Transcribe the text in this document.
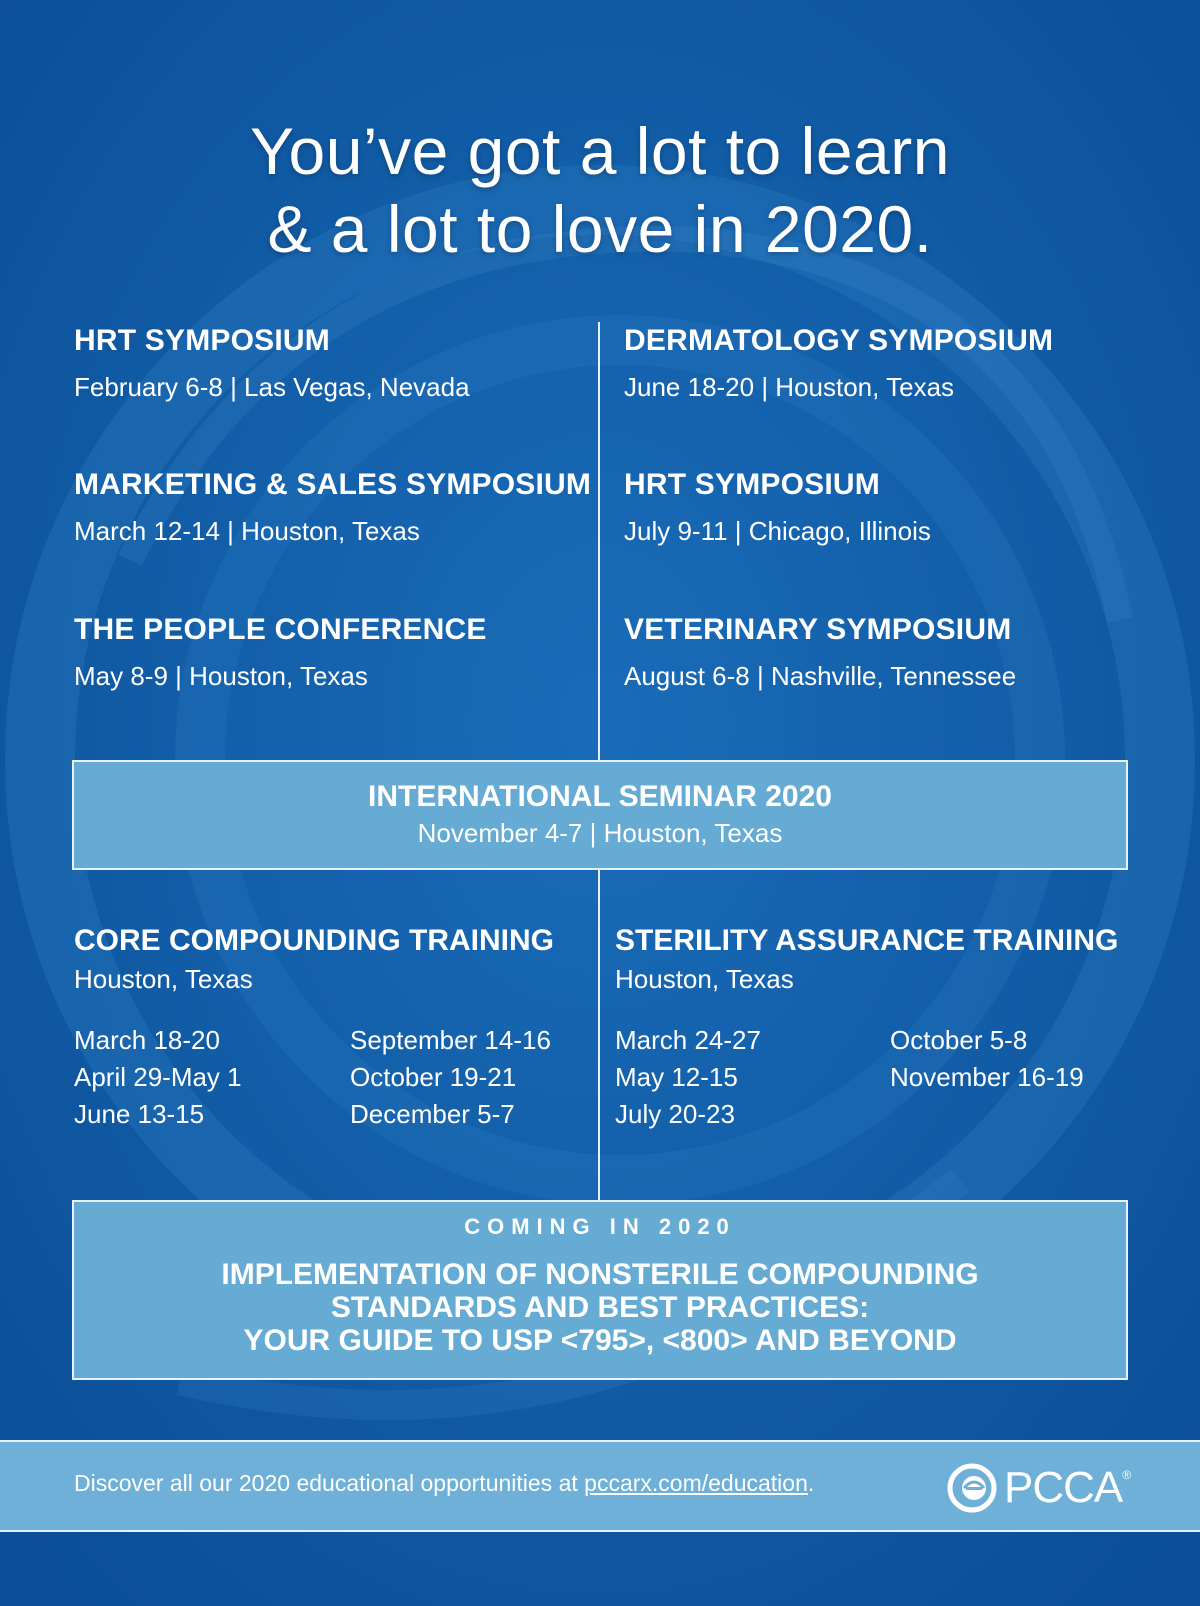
You’ve got a lot to learn
& a lot to love in 2020.
HRT SYMPOSIUM
February 6-8 | Las Vegas, Nevada
MARKETING & SALES SYMPOSIUM
March 12-14 | Houston, Texas
THE PEOPLE CONFERENCE
May 8-9 | Houston, Texas
DERMATOLOGY SYMPOSIUM
June 18-20 | Houston, Texas
HRT SYMPOSIUM
July 9-11 | Chicago, Illinois
VETERINARY SYMPOSIUM
August 6-8 | Nashville, Tennessee
INTERNATIONAL SEMINAR 2020
November 4-7 | Houston, Texas
CORE COMPOUNDING TRAINING
Houston, Texas
March 18-20
April 29-May 1
June 13-15
September 14-16
October 19-21
December 5-7
STERILITY ASSURANCE TRAINING
Houston, Texas
March 24-27
May 12-15
July 20-23
October 5-8
November 16-19
COMING IN 2020
IMPLEMENTATION OF NONSTERILE COMPOUNDING
STANDARDS AND BEST PRACTICES:
YOUR GUIDE TO USP <795>, <800> AND BEYOND
Discover all our 2020 educational opportunities at pccarx.com/education.	PCCA ®
